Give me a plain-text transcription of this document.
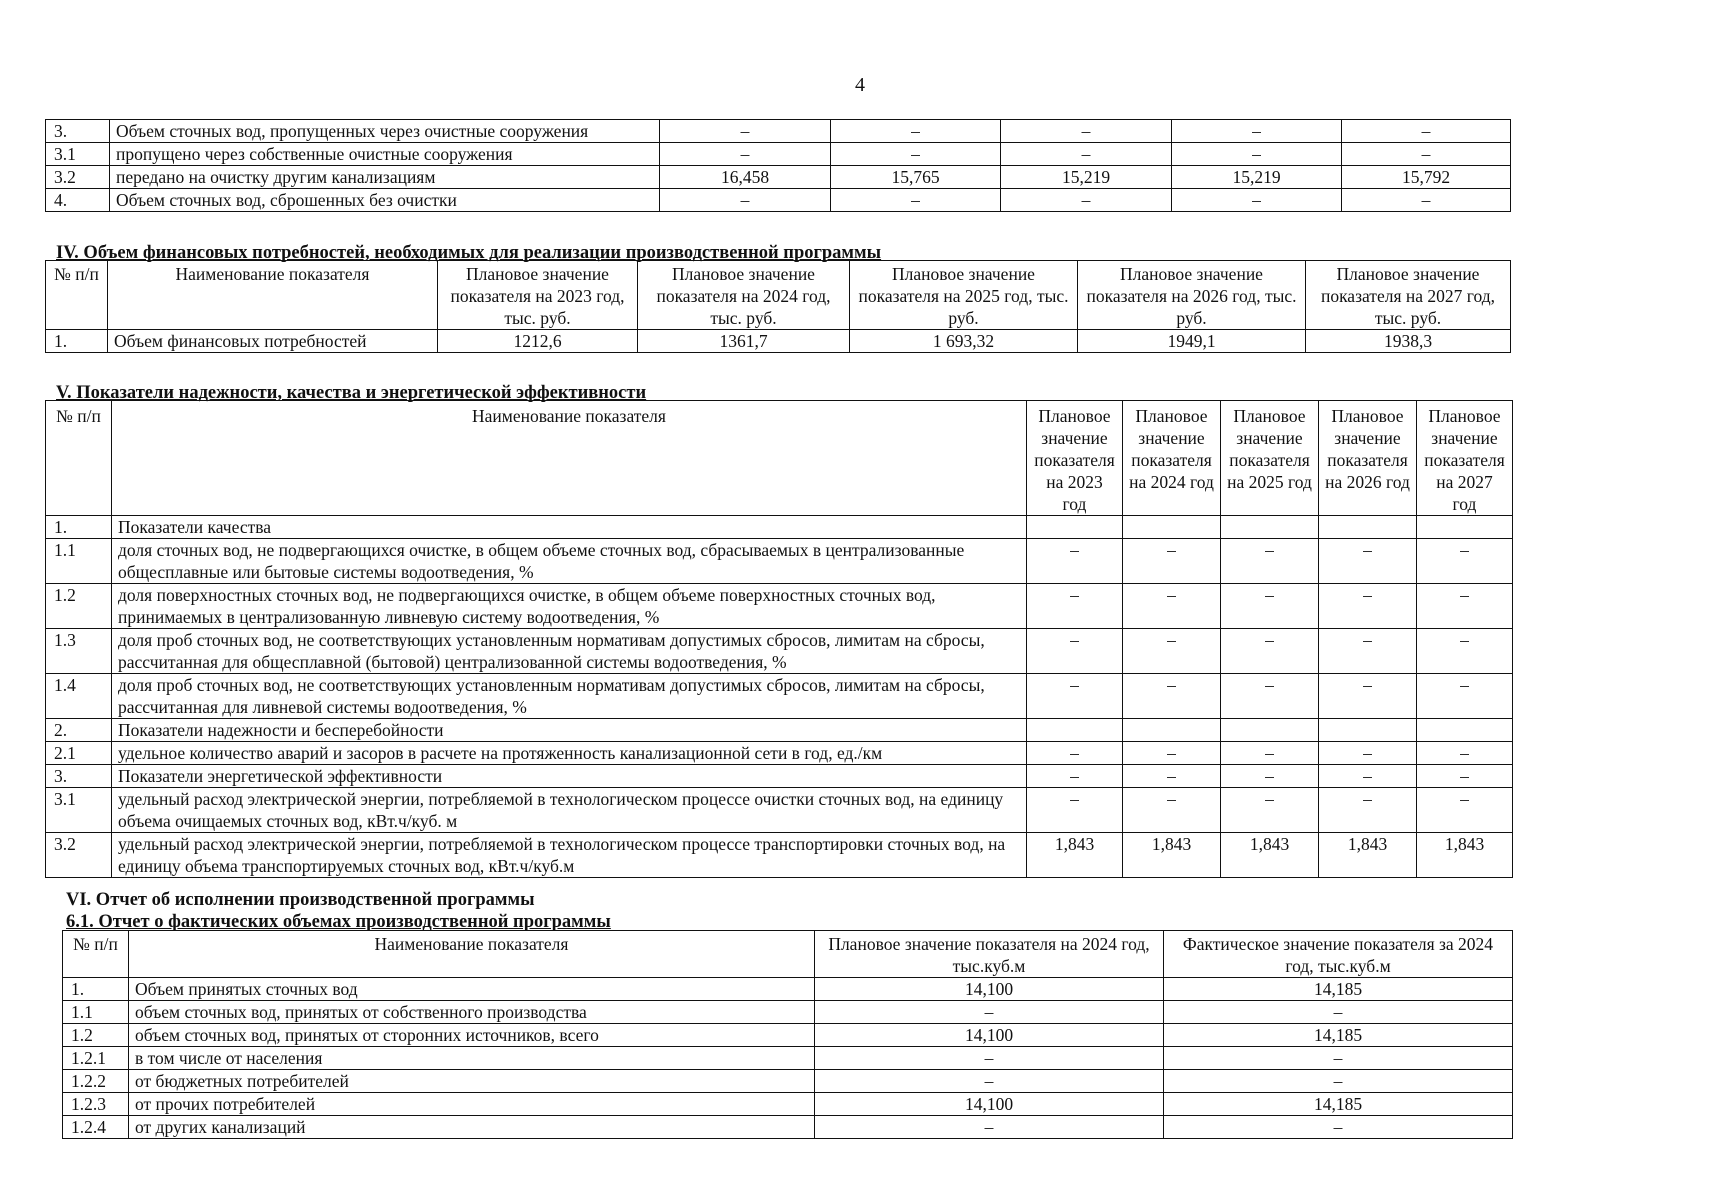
4
3.	Объем сточных вод, пропущенных через очистные сооружения	–	–	–	–	–
3.1	пропущено через собственные очистные сооружения	–	–	–	–	–
3.2	передано на очистку другим канализациям	16,458	15,765	15,219	15,219	15,792
4.	Объем сточных вод, сброшенных без очистки	–	–	–	–	–
IV. Объем финансовых потребностей, необходимых для реализации производственной программы
№ п/п	Наименование показателя	Плановое значение показателя на 2023 год, тыс. руб.	Плановое значение показателя на 2024 год, тыс. руб.	Плановое значение показателя на 2025 год, тыс. руб.	Плановое значение показателя на 2026 год, тыс. руб.	Плановое значение показателя на 2027 год, тыс. руб.
1.	Объем финансовых потребностей	1212,6	1361,7	1 693,32	1949,1	1938,3
V. Показатели надежности, качества и энергетической эффективности
№ п/п	Наименование показателя	Плановое значение показателя на 2023 год	Плановое значение показателя на 2024 год	Плановое значение показателя на 2025 год	Плановое значение показателя на 2026 год	Плановое значение показателя на 2027 год
1.	Показатели качества					
1.1	доля сточных вод, не подвергающихся очистке, в общем объеме сточных вод, сбрасываемых в централизованные общесплавные или бытовые системы водоотведения, %	–	–	–	–	–
1.2	доля поверхностных сточных вод, не подвергающихся очистке, в общем объеме поверхностных сточных вод, принимаемых в централизованную ливневую систему водоотведения, %	–	–	–	–	–
1.3	доля проб сточных вод, не соответствующих установленным нормативам допустимых сбросов, лимитам на сбросы, рассчитанная для общесплавной (бытовой) централизованной системы водоотведения, %	–	–	–	–	–
1.4	доля проб сточных вод, не соответствующих установленным нормативам допустимых сбросов, лимитам на сбросы, рассчитанная для ливневой системы водоотведения, %	–	–	–	–	–
2.	Показатели надежности и бесперебойности					
2.1	удельное количество аварий и засоров в расчете на протяженность канализационной сети в год, ед./км	–	–	–	–	–
3.	Показатели энергетической эффективности	–	–	–	–	–
3.1	удельный расход электрической энергии, потребляемой в технологическом процессе очистки сточных вод, на единицу объема очищаемых сточных вод, кВт.ч/куб. м	–	–	–	–	–
3.2	удельный расход электрической энергии, потребляемой в технологическом процессе транспортировки сточных вод, на единицу объема транспортируемых сточных вод, кВт.ч/куб.м	1,843	1,843	1,843	1,843	1,843
VI. Отчет об исполнении производственной программы
6.1. Отчет о фактических объемах производственной программы
№ п/п	Наименование показателя	Плановое значение показателя на 2024 год, тыс.куб.м	Фактическое значение показателя за 2024 год, тыс.куб.м
1.	Объем принятых сточных вод	14,100	14,185
1.1	объем сточных вод, принятых от собственного производства	–	–
1.2	объем сточных вод, принятых от сторонних источников, всего	14,100	14,185
1.2.1	в том числе от населения	–	–
1.2.2	от бюджетных потребителей	–	–
1.2.3	от прочих потребителей	14,100	14,185
1.2.4	от других канализаций	–	–
